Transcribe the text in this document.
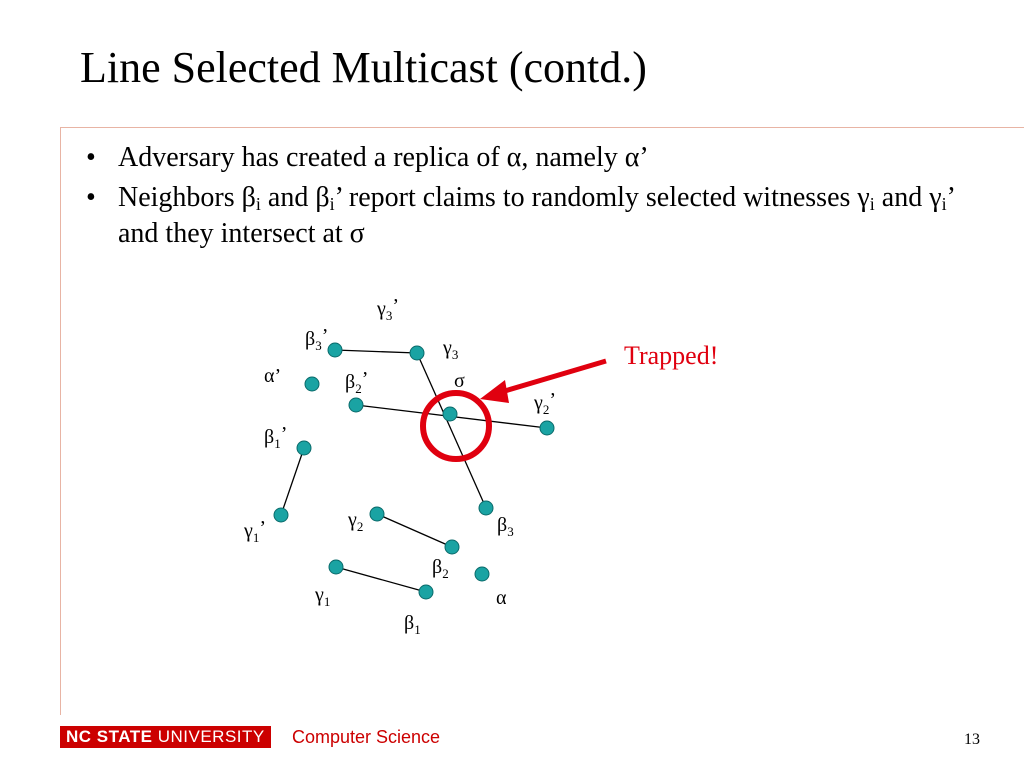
Line Selected Multicast (contd.)
• Adversary has created a replica of α, namely α’
• Neighbors $\beta_i$ and $\beta_i$’ report claims to randomly selected witnesses $\gamma_i$ and $\gamma_i$’ and they intersect at σ
$\gamma_3$’
$\beta_3$’
$\gamma_3$
α’	$\beta_2$’	σ
$\gamma_2$’
$\beta_1$’
$\gamma_1$’	$\gamma_2$	$\beta_3$
$\beta_2$
$\gamma_1$	α
$\beta_1$
Trapped!
NC STATE UNIVERSITY	Computer Science	13
